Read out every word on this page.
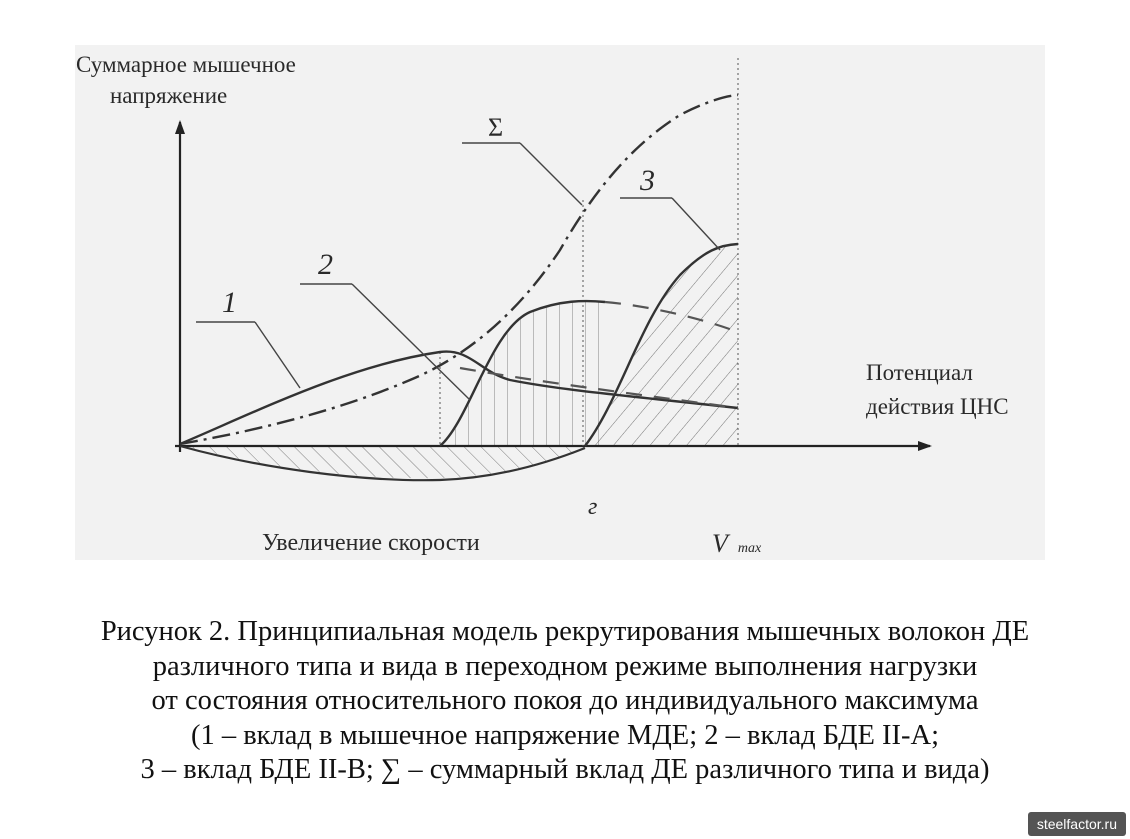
Суммарное мышечное
напряжение
Потенциал
действия ЦНС
Увеличение скорости
г
V max
Σ
1
2
3
Рисунок 2. Принципиальная модель рекрутирования мышечных волокон ДЕ
различного типа и вида в переходном режиме выполнения нагрузки
от состояния относительного покоя до индивидуального максимума
(1 – вклад в мышечное напряжение МДЕ; 2 – вклад БДЕ II-А;
3 – вклад БДЕ II-В; ∑ – суммарный вклад ДЕ различного типа и вида)
steelfactor.ru
